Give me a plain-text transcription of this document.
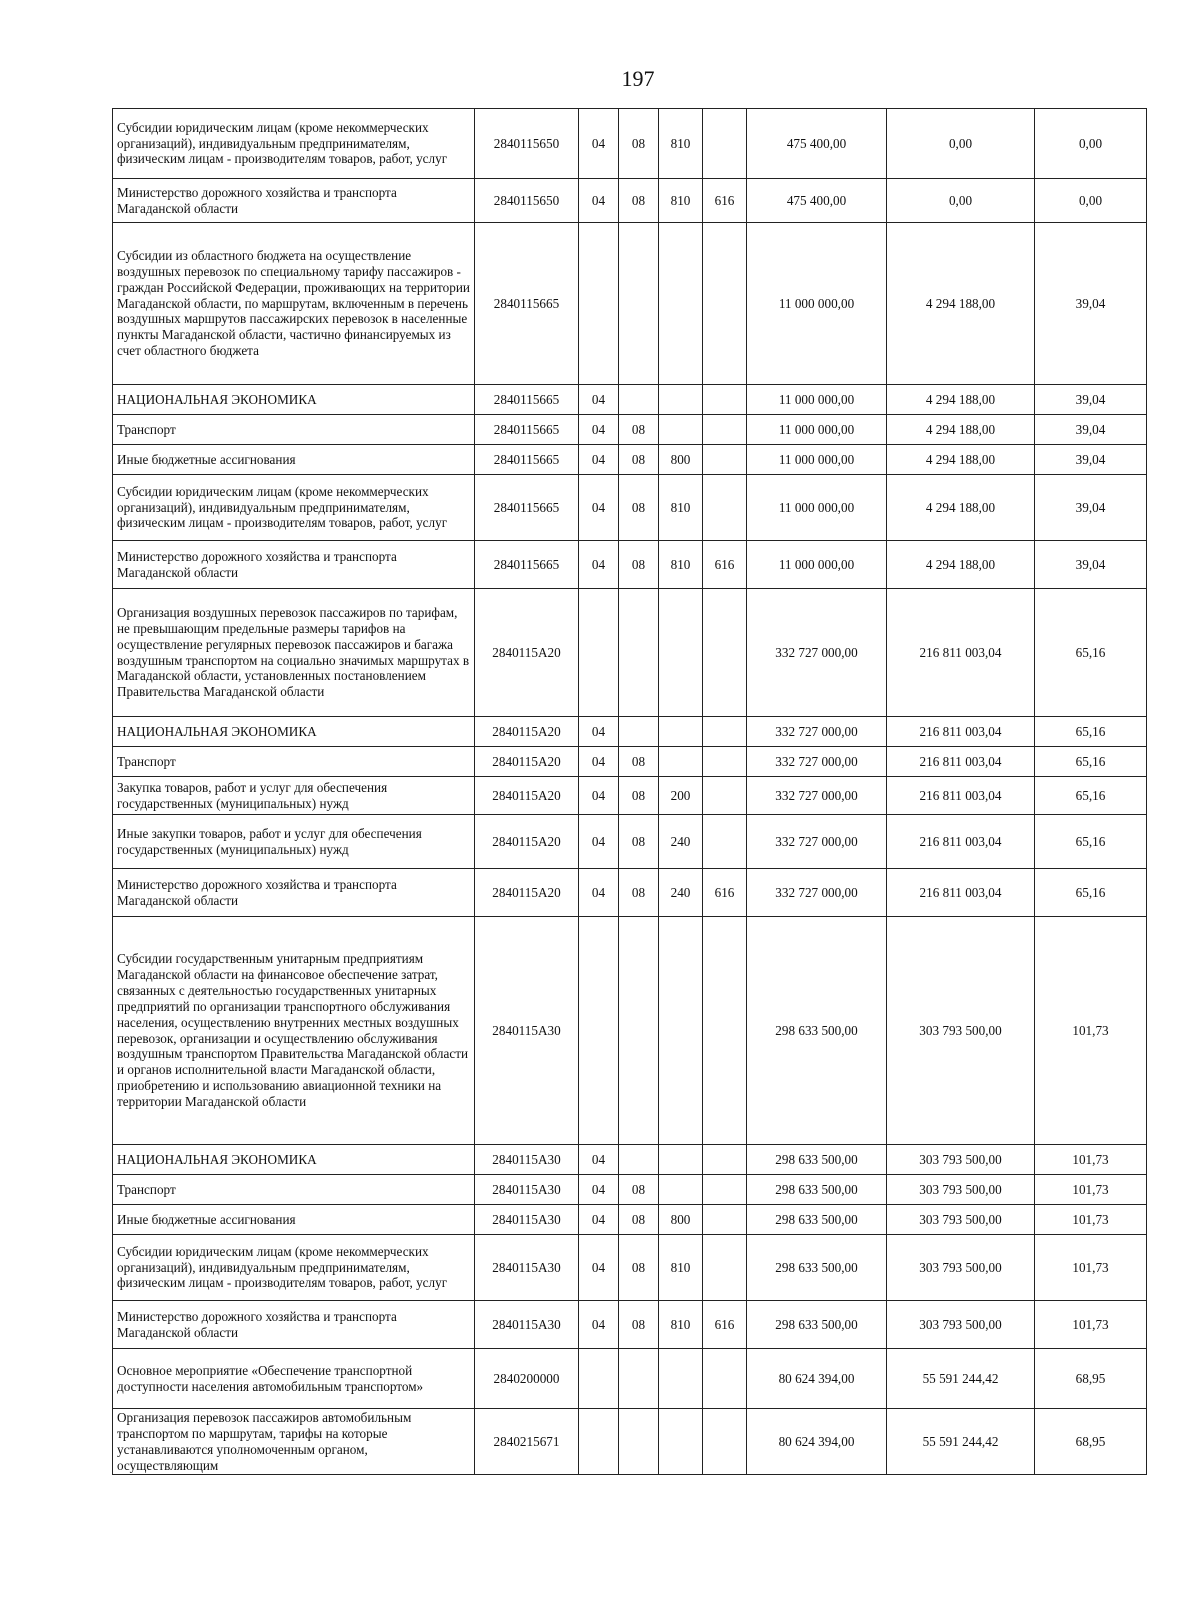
197
Субсидии юридическим лицам (кроме некоммерческих организаций), индивидуальным предпринимателям, физическим лицам - производителям товаров, работ, услуг	2840115650	04	08	810		475 400,00	0,00	0,00
Министерство дорожного хозяйства и транспорта Магаданской области	2840115650	04	08	810	616	475 400,00	0,00	0,00
Субсидии из областного бюджета на осуществление воздушных перевозок по специальному тарифу пассажиров - граждан Российской Федерации, проживающих на территории Магаданской области, по маршрутам, включенным в перечень воздушных маршрутов пассажирских перевозок в населенные пункты Магаданской области, частично финансируемых из счет областного бюджета	2840115665					11 000 000,00	4 294 188,00	39,04
НАЦИОНАЛЬНАЯ ЭКОНОМИКА	2840115665	04				11 000 000,00	4 294 188,00	39,04
Транспорт	2840115665	04	08			11 000 000,00	4 294 188,00	39,04
Иные бюджетные ассигнования	2840115665	04	08	800		11 000 000,00	4 294 188,00	39,04
Субсидии юридическим лицам (кроме некоммерческих организаций), индивидуальным предпринимателям, физическим лицам - производителям товаров, работ, услуг	2840115665	04	08	810		11 000 000,00	4 294 188,00	39,04
Министерство дорожного хозяйства и транспорта Магаданской области	2840115665	04	08	810	616	11 000 000,00	4 294 188,00	39,04
Организация воздушных перевозок пассажиров по тарифам, не превышающим предельные размеры тарифов на осуществление регулярных перевозок пассажиров и багажа воздушным транспортом на социально значимых маршрутах в Магаданской области, установленных постановлением Правительства Магаданской области	2840115A20					332 727 000,00	216 811 003,04	65,16
НАЦИОНАЛЬНАЯ ЭКОНОМИКА	2840115A20	04				332 727 000,00	216 811 003,04	65,16
Транспорт	2840115A20	04	08			332 727 000,00	216 811 003,04	65,16
Закупка товаров, работ и услуг для обеспечения государственных (муниципальных) нужд	2840115A20	04	08	200		332 727 000,00	216 811 003,04	65,16
Иные закупки товаров, работ и услуг для обеспечения государственных (муниципальных) нужд	2840115A20	04	08	240		332 727 000,00	216 811 003,04	65,16
Министерство дорожного хозяйства и транспорта Магаданской области	2840115A20	04	08	240	616	332 727 000,00	216 811 003,04	65,16
Субсидии государственным унитарным предприятиям Магаданской области на финансовое обеспечение затрат, связанных с деятельностью государственных унитарных предприятий по организации транспортного обслуживания населения, осуществлению внутренних местных воздушных перевозок, организации и осуществлению обслуживания воздушным транспортом Правительства Магаданской области и органов исполнительной власти Магаданской области, приобретению и использованию авиационной техники на территории Магаданской области	2840115A30					298 633 500,00	303 793 500,00	101,73
НАЦИОНАЛЬНАЯ ЭКОНОМИКА	2840115A30	04				298 633 500,00	303 793 500,00	101,73
Транспорт	2840115A30	04	08			298 633 500,00	303 793 500,00	101,73
Иные бюджетные ассигнования	2840115A30	04	08	800		298 633 500,00	303 793 500,00	101,73
Субсидии юридическим лицам (кроме некоммерческих организаций), индивидуальным предпринимателям, физическим лицам - производителям товаров, работ, услуг	2840115A30	04	08	810		298 633 500,00	303 793 500,00	101,73
Министерство дорожного хозяйства и транспорта Магаданской области	2840115A30	04	08	810	616	298 633 500,00	303 793 500,00	101,73
Основное мероприятие «Обеспечение транспортной доступности населения автомобильным транспортом»	2840200000					80 624 394,00	55 591 244,42	68,95
Организация перевозок пассажиров автомобильным транспортом по маршрутам, тарифы на которые устанавливаются уполномоченным органом, осуществляющим	2840215671					80 624 394,00	55 591 244,42	68,95
